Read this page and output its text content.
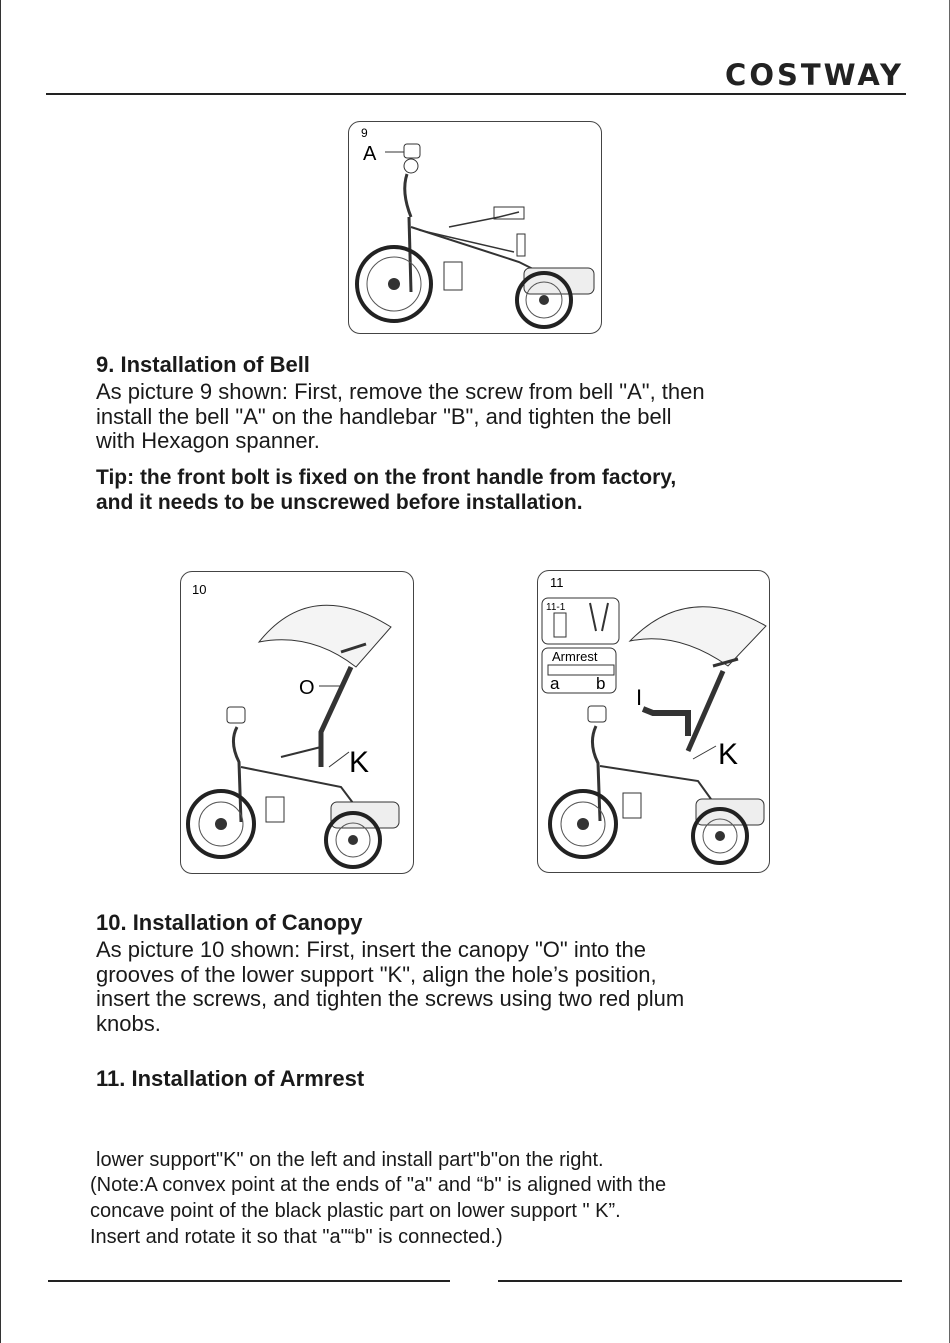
COSTWAY
9
A
9. Installation of Bell
As picture 9 shown: First, remove the screw from bell "A", then
install the bell "A" on the handlebar "B", and tighten the bell
with Hexagon spanner.
Tip: the front bolt is fixed on the front handle from factory,
and it needs to be unscrewed before installation.
10
O
K
11
11-1
Armrest
a b
I
K
10. Installation of Canopy
As picture 10 shown: First, insert the canopy "O" into the
grooves of the lower support "K", align the hole’s position,
insert the screws, and tighten the screws using two red plum
knobs.
11. Installation of Armrest
lower support"K" on the left and install part"b"on the right.
(Note:A convex point at the ends of "a" and “b" is aligned with the
concave point of the black plastic part on lower support " K”.
Insert and rotate it so that "a"“b" is connected.)
